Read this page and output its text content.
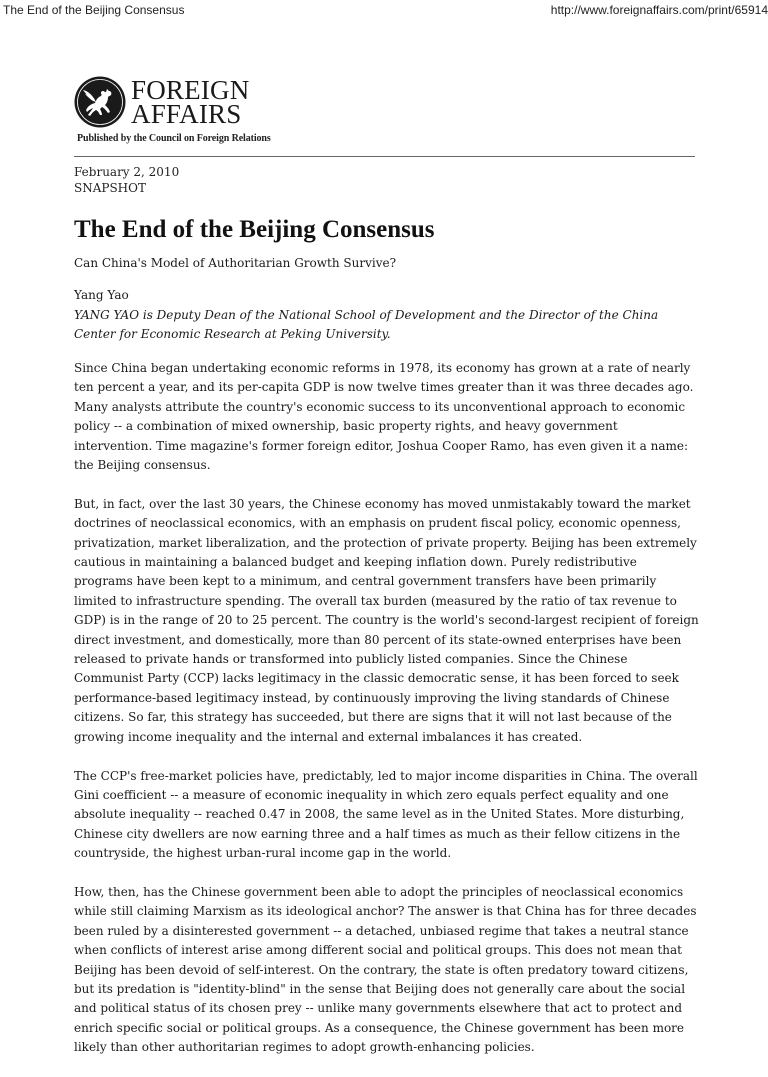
The End of the Beijing Consensus	http://www.foreignaffairs.com/print/65914
FOREIGN
AFFAIRS
Published by the Council on Foreign Relations
February 2, 2010
SNAPSHOT
The End of the Beijing Consensus
Can China's Model of Authoritarian Growth Survive?
Yang Yao
YANG YAO is Deputy Dean of the National School of Development and the Director of the China Center for Economic Research at Peking University.

Since China began undertaking economic reforms in 1978, its economy has grown at a rate of nearly ten percent a year, and its per-capita GDP is now twelve times greater than it was three decades ago. Many analysts attribute the country's economic success to its unconventional approach to economic policy -- a combination of mixed ownership, basic property rights, and heavy government intervention. Time magazine's former foreign editor, Joshua Cooper Ramo, has even given it a name: the Beijing consensus.

But, in fact, over the last 30 years, the Chinese economy has moved unmistakably toward the market doctrines of neoclassical economics, with an emphasis on prudent fiscal policy, economic openness, privatization, market liberalization, and the protection of private property. Beijing has been extremely cautious in maintaining a balanced budget and keeping inflation down. Purely redistributive programs have been kept to a minimum, and central government transfers have been primarily limited to infrastructure spending. The overall tax burden (measured by the ratio of tax revenue to GDP) is in the range of 20 to 25 percent. The country is the world's second-largest recipient of foreign direct investment, and domestically, more than 80 percent of its state-owned enterprises have been released to private hands or transformed into publicly listed companies. Since the Chinese Communist Party (CCP) lacks legitimacy in the classic democratic sense, it has been forced to seek performance-based legitimacy instead, by continuously improving the living standards of Chinese citizens. So far, this strategy has succeeded, but there are signs that it will not last because of the growing income inequality and the internal and external imbalances it has created.

The CCP's free-market policies have, predictably, led to major income disparities in China. The overall Gini coefficient -- a measure of economic inequality in which zero equals perfect equality and one absolute inequality -- reached 0.47 in 2008, the same level as in the United States. More disturbing, Chinese city dwellers are now earning three and a half times as much as their fellow citizens in the countryside, the highest urban-rural income gap in the world.

How, then, has the Chinese government been able to adopt the principles of neoclassical economics while still claiming Marxism as its ideological anchor? The answer is that China has for three decades been ruled by a disinterested government -- a detached, unbiased regime that takes a neutral stance when conflicts of interest arise among different social and political groups. This does not mean that Beijing has been devoid of self-interest. On the contrary, the state is often predatory toward citizens, but its predation is "identity-blind" in the sense that Beijing does not generally care about the social and political status of its chosen prey -- unlike many governments elsewhere that act to protect and enrich specific social or political groups. As a consequence, the Chinese government has been more likely than other authoritarian regimes to adopt growth-enhancing policies.
